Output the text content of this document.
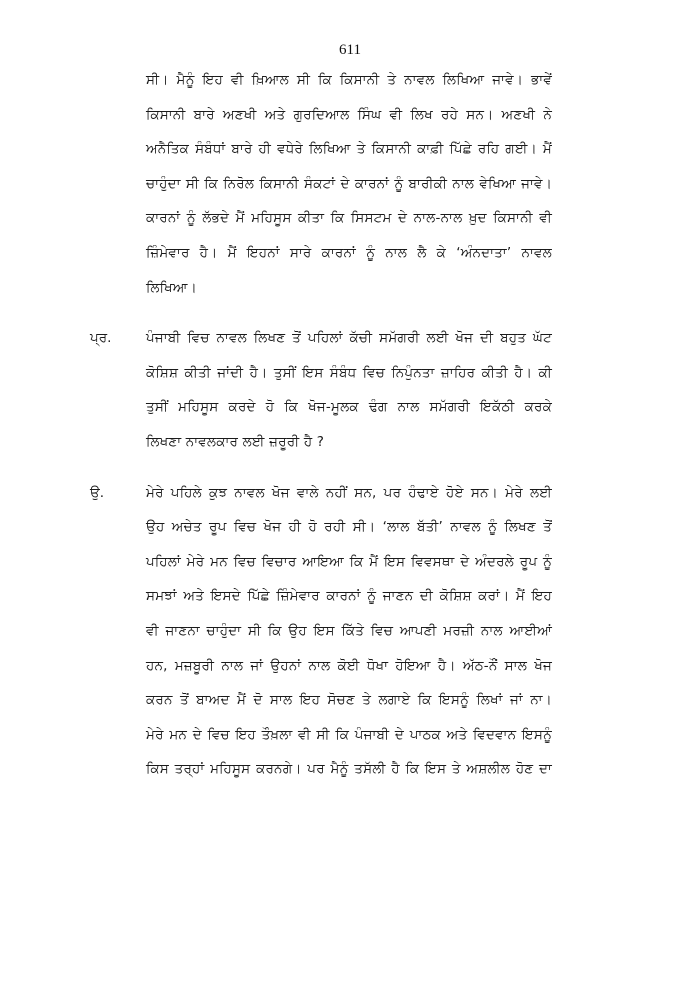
611
ਸੀ। ਮੈਨੂੰ ਇਹ ਵੀ ਖ਼ਿਆਲ ਸੀ ਕਿ ਕਿਸਾਨੀ ਤੇ ਨਾਵਲ ਲਿਖਿਆ ਜਾਵੇ। ਭਾਵੇਂ
ਕਿਸਾਨੀ ਬਾਰੇ ਅਣਖੀ ਅਤੇ ਗੁਰਦਿਆਲ ਸਿੰਘ ਵੀ ਲਿਖ ਰਹੇ ਸਨ। ਅਣਖੀ ਨੇ
ਅਨੈਤਿਕ ਸੰਬੰਧਾਂ ਬਾਰੇ ਹੀ ਵਧੇਰੇ ਲਿਖਿਆ ਤੇ ਕਿਸਾਨੀ ਕਾਫ਼ੀ ਪਿੱਛੇ ਰਹਿ ਗਈ। ਮੈਂ
ਚਾਹੁੰਦਾ ਸੀ ਕਿ ਨਿਰੋਲ ਕਿਸਾਨੀ ਸੰਕਟਾਂ ਦੇ ਕਾਰਨਾਂ ਨੂੰ ਬਾਰੀਕੀ ਨਾਲ ਵੇਖਿਆ ਜਾਵੇ।
ਕਾਰਨਾਂ ਨੂੰ ਲੱਭਦੇ ਮੈਂ ਮਹਿਸੂਸ ਕੀਤਾ ਕਿ ਸਿਸਟਮ ਦੇ ਨਾਲ-ਨਾਲ ਖ਼ੁਦ ਕਿਸਾਨੀ ਵੀ
ਜ਼ਿੰਮੇਵਾਰ ਹੈ। ਮੈਂ ਇਹਨਾਂ ਸਾਰੇ ਕਾਰਨਾਂ ਨੂੰ ਨਾਲ ਲੈ ਕੇ ‘ਅੰਨਦਾਤਾ’ ਨਾਵਲ
ਲਿਖਿਆ।
ਪ੍ਰ.	ਪੰਜਾਬੀ ਵਿਚ ਨਾਵਲ ਲਿਖਣ ਤੋਂ ਪਹਿਲਾਂ ਕੱਚੀ ਸਮੱਗਰੀ ਲਈ ਖੋਜ ਦੀ ਬਹੁਤ ਘੱਟ
ਕੋਸ਼ਿਸ਼ ਕੀਤੀ ਜਾਂਦੀ ਹੈ। ਤੁਸੀਂ ਇਸ ਸੰਬੰਧ ਵਿਚ ਨਿਪੁੰਨਤਾ ਜ਼ਾਹਿਰ ਕੀਤੀ ਹੈ। ਕੀ
ਤੁਸੀਂ ਮਹਿਸੂਸ ਕਰਦੇ ਹੋ ਕਿ ਖੋਜ-ਮੂਲਕ ਢੰਗ ਨਾਲ ਸਮੱਗਰੀ ਇਕੱਠੀ ਕਰਕੇ
ਲਿਖਣਾ ਨਾਵਲਕਾਰ ਲਈ ਜ਼ਰੂਰੀ ਹੈ ?
ਉ.	ਮੇਰੇ ਪਹਿਲੇ ਕੁਝ ਨਾਵਲ ਖੋਜ ਵਾਲੇ ਨਹੀਂ ਸਨ, ਪਰ ਹੰਢਾਏ ਹੋਏ ਸਨ। ਮੇਰੇ ਲਈ
ਉਹ ਅਚੇਤ ਰੂਪ ਵਿਚ ਖੋਜ ਹੀ ਹੋ ਰਹੀ ਸੀ। ‘ਲਾਲ ਬੱਤੀ’ ਨਾਵਲ ਨੂੰ ਲਿਖਣ ਤੋਂ
ਪਹਿਲਾਂ ਮੇਰੇ ਮਨ ਵਿਚ ਵਿਚਾਰ ਆਇਆ ਕਿ ਮੈਂ ਇਸ ਵਿਵਸਥਾ ਦੇ ਅੰਦਰਲੇ ਰੂਪ ਨੂੰ
ਸਮਝਾਂ ਅਤੇ ਇਸਦੇ ਪਿੱਛੇ ਜ਼ਿੰਮੇਵਾਰ ਕਾਰਨਾਂ ਨੂੰ ਜਾਣਨ ਦੀ ਕੋਸ਼ਿਸ਼ ਕਰਾਂ। ਮੈਂ ਇਹ
ਵੀ ਜਾਣਨਾ ਚਾਹੁੰਦਾ ਸੀ ਕਿ ਉਹ ਇਸ ਕਿੱਤੇ ਵਿਚ ਆਪਣੀ ਮਰਜ਼ੀ ਨਾਲ ਆਈਆਂ
ਹਨ, ਮਜ਼ਬੂਰੀ ਨਾਲ ਜਾਂ ਉਹਨਾਂ ਨਾਲ ਕੋਈ ਧੋਖਾ ਹੋਇਆ ਹੈ। ਅੱਠ-ਨੌਂ ਸਾਲ ਖੋਜ
ਕਰਨ ਤੋਂ ਬਾਅਦ ਮੈਂ ਦੋ ਸਾਲ ਇਹ ਸੋਚਣ ਤੇ ਲਗਾਏ ਕਿ ਇਸਨੂੰ ਲਿਖਾਂ ਜਾਂ ਨਾ।
ਮੇਰੇ ਮਨ ਦੇ ਵਿਚ ਇਹ ਤੌਖ਼ਲਾ ਵੀ ਸੀ ਕਿ ਪੰਜਾਬੀ ਦੇ ਪਾਠਕ ਅਤੇ ਵਿਦਵਾਨ ਇਸਨੂੰ
ਕਿਸ ਤਰ੍ਹਾਂ ਮਹਿਸੂਸ ਕਰਨਗੇ। ਪਰ ਮੈਨੂੰ ਤਸੱਲੀ ਹੈ ਕਿ ਇਸ ਤੇ ਅਸ਼ਲੀਲ ਹੋਣ ਦਾ
